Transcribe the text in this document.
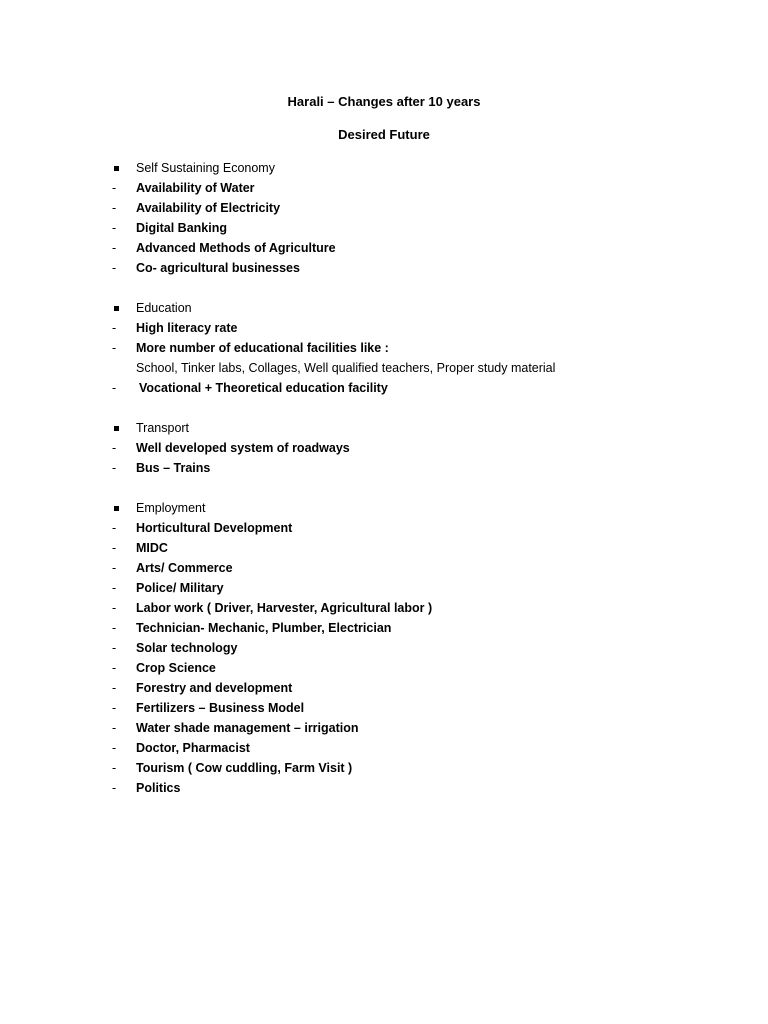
Harali – Changes after 10 years
Desired Future
Self Sustaining Economy
-	Availability of Water
-	Availability of Electricity
-	Digital Banking
-	Advanced Methods of Agriculture
-	Co- agricultural businesses
Education
-	High literacy rate
-	More number of educational facilities like :
School, Tinker labs, Collages, Well qualified teachers, Proper study material
-	Vocational + Theoretical education facility
Transport
-	Well developed system of roadways
-	Bus – Trains
Employment
-	Horticultural Development
-	MIDC
-	Arts/ Commerce
-	Police/ Military
-	Labor work ( Driver, Harvester, Agricultural labor )
-	Technician- Mechanic, Plumber, Electrician
-	Solar technology
-	Crop Science
-	Forestry and development
-	Fertilizers – Business Model
-	Water shade management – irrigation
-	Doctor, Pharmacist
-	Tourism ( Cow cuddling, Farm Visit )
-	Politics
